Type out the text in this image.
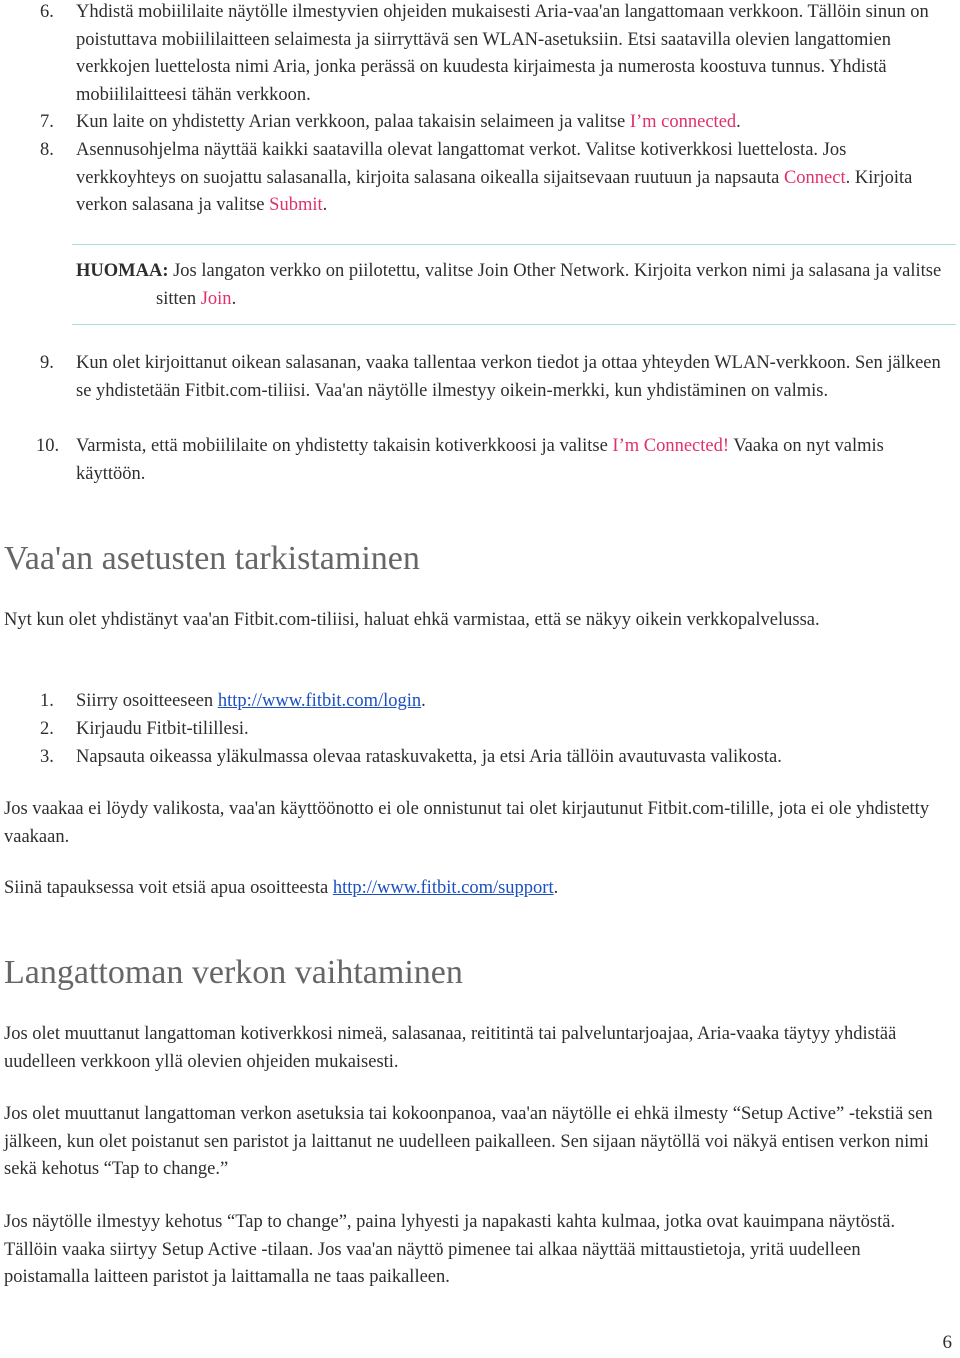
6.	Yhdistä mobiililaite näytölle ilmestyvien ohjeiden mukaisesti Aria-vaa'an langattomaan verkkoon. Tällöin sinun on poistuttava mobiililaitteen selaimesta ja siirryttävä sen WLAN-asetuksiin. Etsi saatavilla olevien langattomien verkkojen luettelosta nimi Aria, jonka perässä on kuudesta kirjaimesta ja numerosta koostuva tunnus. Yhdistä mobiililaitteesi tähän verkkoon.
7.	Kun laite on yhdistetty Arian verkkoon, palaa takaisin selaimeen ja valitse I’m connected.
8.	Asennusohjelma näyttää kaikki saatavilla olevat langattomat verkot. Valitse kotiverkkosi luettelosta. Jos verkkoyhteys on suojattu salasanalla, kirjoita salasana oikealla sijaitsevaan ruutuun ja napsauta Connect. Kirjoita verkon salasana ja valitse Submit.
HUOMAA: Jos langaton verkko on piilotettu, valitse Join Other Network. Kirjoita verkon nimi ja salasana ja valitse sitten Join.
9.	Kun olet kirjoittanut oikean salasanan, vaaka tallentaa verkon tiedot ja ottaa yhteyden WLAN-verkkoon. Sen jälkeen se yhdistetään Fitbit.com-tiliisi. Vaa'an näytölle ilmestyy oikein-merkki, kun yhdistäminen on valmis.
10. Varmista, että mobiililaite on yhdistetty takaisin kotiverkkoosi ja valitse I’m Connected! Vaaka on nyt valmis käyttöön.
Vaa'an asetusten tarkistaminen
Nyt kun olet yhdistänyt vaa'an Fitbit.com-tiliisi, haluat ehkä varmistaa, että se näkyy oikein verkkopalvelussa.
1.	Siirry osoitteeseen http://www.fitbit.com/login.
2.	Kirjaudu Fitbit-tilillesi.
3.	Napsauta oikeassa yläkulmassa olevaa rataskuvaketta, ja etsi Aria tällöin avautuvasta valikosta.
Jos vaakaa ei löydy valikosta, vaa'an käyttöönotto ei ole onnistunut tai olet kirjautunut Fitbit.com-tilille, jota ei ole yhdistetty vaakaan.
Siinä tapauksessa voit etsiä apua osoitteesta http://www.fitbit.com/support.
Langattoman verkon vaihtaminen
Jos olet muuttanut langattoman kotiverkkosi nimeä, salasanaa, reititintä tai palveluntarjoajaa, Aria-vaaka täytyy yhdistää uudelleen verkkoon yllä olevien ohjeiden mukaisesti.
Jos olet muuttanut langattoman verkon asetuksia tai kokoonpanoa, vaa'an näytölle ei ehkä ilmesty “Setup Active” -tekstiä sen jälkeen, kun olet poistanut sen paristot ja laittanut ne uudelleen paikalleen. Sen sijaan näytöllä voi näkyä entisen verkon nimi sekä kehotus “Tap to change.”
Jos näytölle ilmestyy kehotus “Tap to change”, paina lyhyesti ja napakasti kahta kulmaa, jotka ovat kauimpana näytöstä. Tällöin vaaka siirtyy Setup Active -tilaan. Jos vaa'an näyttö pimenee tai alkaa näyttää mittaustietoja, yritä uudelleen poistamalla laitteen paristot ja laittamalla ne taas paikalleen.
6
